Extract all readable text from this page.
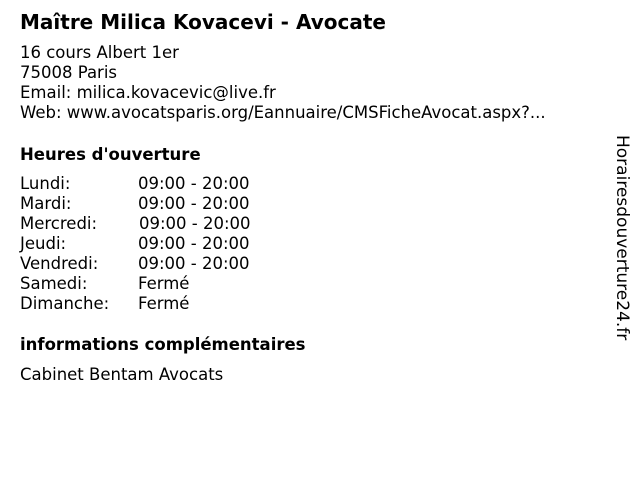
Maître Milica Kovacevi - Avocate
16 cours Albert 1er
75008 Paris
Email: milica.kovacevic@live.fr
Web: www.avocatsparis.org/Eannuaire/CMSFicheAvocat.aspx?...
Heures d'ouverture
Lundi:	09:00 - 20:00
Mardi:	09:00 - 20:00
Mercredi:	09:00 - 20:00
Jeudi:	09:00 - 20:00
Vendredi: 09:00 - 20:00
Samedi:	Fermé
Dimanche: Fermé
informations complémentaires
Cabinet Bentam Avocats
Horairesdouverture24.fr
